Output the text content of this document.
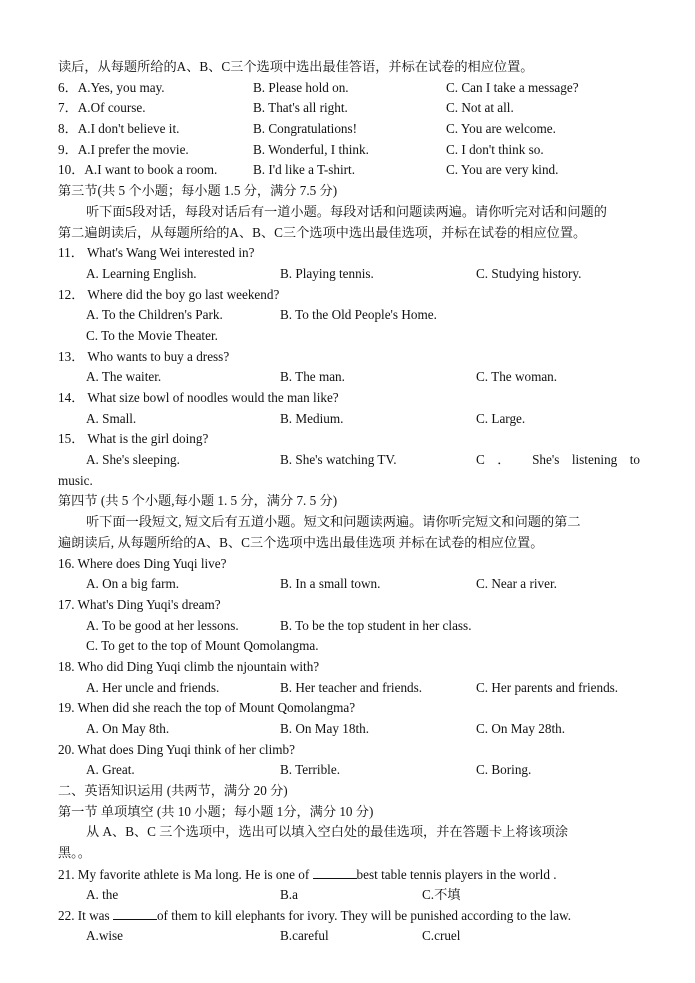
读后，从每题所给的A、B、C三个选项中选出最佳答语，并标在试卷的相应位置。
6．A.Yes, you may.	B. Please hold on.	C. Can I take a message?
7．A.Of course.	B. That's all right.	C. Not at all.
8．A.I don't believe it.	B. Congratulations!	C. You are welcome.
9．A.I prefer the movie.	B. Wonderful, I think.	C. I don't think so.
10．A.I want to book a room.	B. I'd like a T-shirt.	C. You are very kind.
第三节(共 5 个小题；每小题 1.5 分，满分 7.5 分)
听下面5段对话，每段对话后有一道小题。每段对话和问题读两遍。请你听完对话和问题的
第二遍朗读后，从每题所给的A、B、C三个选项中选出最佳选项，并标在试卷的相应位置。
11． What's Wang Wei interested in?
A. Learning English.	B. Playing tennis.	C. Studying history.
12． Where did the boy go last weekend?
A. To the Children's Park.	B. To the Old People's Home.
C. To the Movie Theater.
13． Who wants to buy a dress?
A. The waiter.	B. The man.	C. The woman.
14． What size bowl of noodles would the man like?
A. Small.	B. Medium.	C. Large.
15． What is the girl doing?
A. She's sleeping.	B. She's watching TV.	C ． She's listening to
music.
第四节 (共 5 个小题,每小题 1. 5 分，满分 7. 5 分)
听下面一段短文, 短文后有五道小题。短文和问题读两遍。请你听完短文和问题的第二
遍朗读后, 从每题所给的A、B、C三个选项中选出最佳选项 并标在试卷的相应位置。
16. Where does Ding Yuqi live?
A. On a big farm.	B. In a small town.	C. Near a river.
17. What's Ding Yuqi's dream?
A. To be good at her lessons.	B. To be the top student in her class.
C. To get to the top of Mount Qomolangma.
18. Who did Ding Yuqi climb the njountain with?
A. Her uncle and friends.	B. Her teacher and friends.	C. Her parents and friends.
19. When did she reach the top of Mount Qomolangma?
A. On May 8th.	B. On May 18th.	C. On May 28th.
20. What does Ding Yuqi think of her climb?
A. Great.	B. Terrible.	C. Boring.
二、英语知识运用 (共两节，满分 20 分)
第一节 单项填空 (共 10 小题；每小题 1分，满分 10 分)
从 A、B、C 三个选项中，选出可以填入空白处的最佳选项，并在答题卡上将该项涂
黑。。
21. My favorite athlete is Ma long. He is one of	best table tennis players in the world .
A. the	B.a	C.不填
22. It was	of them to kill elephants for ivory. They will be punished according to the law.
A.wise	B.careful	C.cruel
